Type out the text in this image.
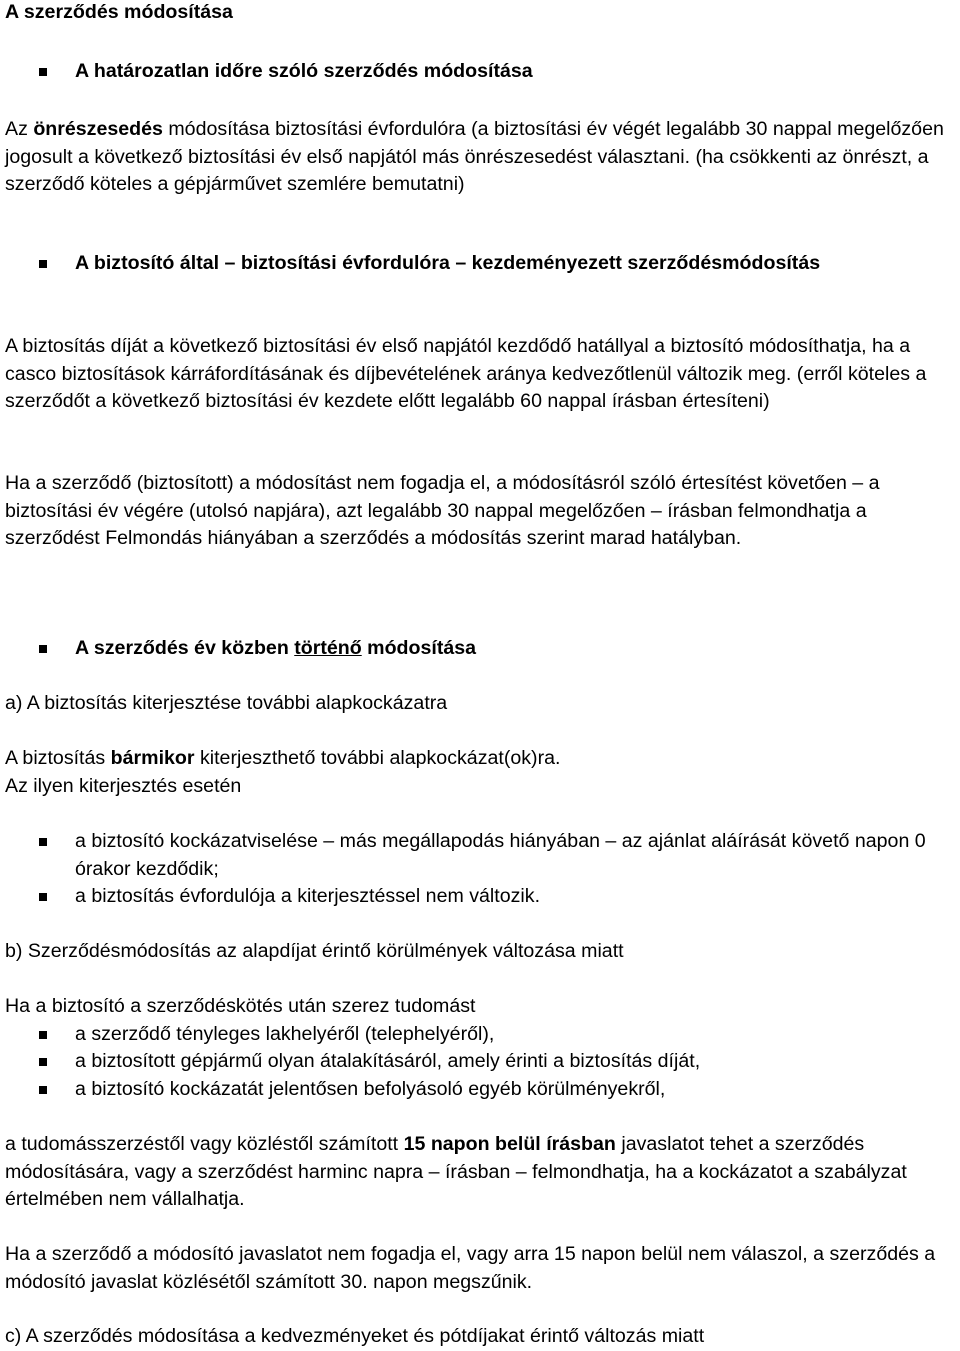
A szerződés módosítása

A határozatlan időre szóló szerződés módosítása

Az önrészesedés módosítása biztosítási évfordulóra (a biztosítási év végét legalább 30 nappal megelőzően jogosult a következő biztosítási év első napjától más önrészesedést választani. (ha csökkenti az önrészt, a szerződő köteles a gépjárművet szemlére bemutatni)

A biztosító által – biztosítási évfordulóra – kezdeményezett szerződésmódosítás

A biztosítás díját a következő biztosítási év első napjától kezdődő hatállyal a biztosító módosíthatja, ha a casco biztosítások kárráfordításának és díjbevételének aránya kedvezőtlenül változik meg. (erről köteles a szerződőt a következő biztosítási év kezdete előtt legalább 60 nappal írásban értesíteni)

Ha a szerződő (biztosított) a módosítást nem fogadja el, a módosításról szóló értesítést követően – a biztosítási év végére (utolsó napjára), azt legalább 30 nappal megelőzően – írásban felmondhatja a szerződést Felmondás hiányában a szerződés a módosítás szerint marad hatályban.

A szerződés év közben történő módosítása

a) A biztosítás kiterjesztése további alapkockázatra

A biztosítás bármikor kiterjeszthető további alapkockázat(ok)ra.

Az ilyen kiterjesztés esetén

a biztosító kockázatviselése – más megállapodás hiányában – az ajánlat aláírását követő napon 0 órakor kezdődik;

a biztosítás évfordulója a kiterjesztéssel nem változik.

b) Szerződésmódosítás az alapdíjat érintő körülmények változása miatt

Ha a biztosító a szerződéskötés után szerez tudomást

a szerződő tényleges lakhelyéről (telephelyéről),

a biztosított gépjármű olyan átalakításáról, amely érinti a biztosítás díját,

a biztosító kockázatát jelentősen befolyásoló egyéb körülményekről,

a tudomásszerzéstől vagy közléstől számított 15 napon belül írásban javaslatot tehet a szerződés módosítására, vagy a szerződést harminc napra – írásban – felmondhatja, ha a kockázatot a szabályzat értelmében nem vállalhatja.

Ha a szerződő a módosító javaslatot nem fogadja el, vagy arra 15 napon belül nem válaszol, a szerződés a módosító javaslat közlésétől számított 30. napon megszűnik.

c) A szerződés módosítása a kedvezményeket és pótdíjakat érintő változás miatt
